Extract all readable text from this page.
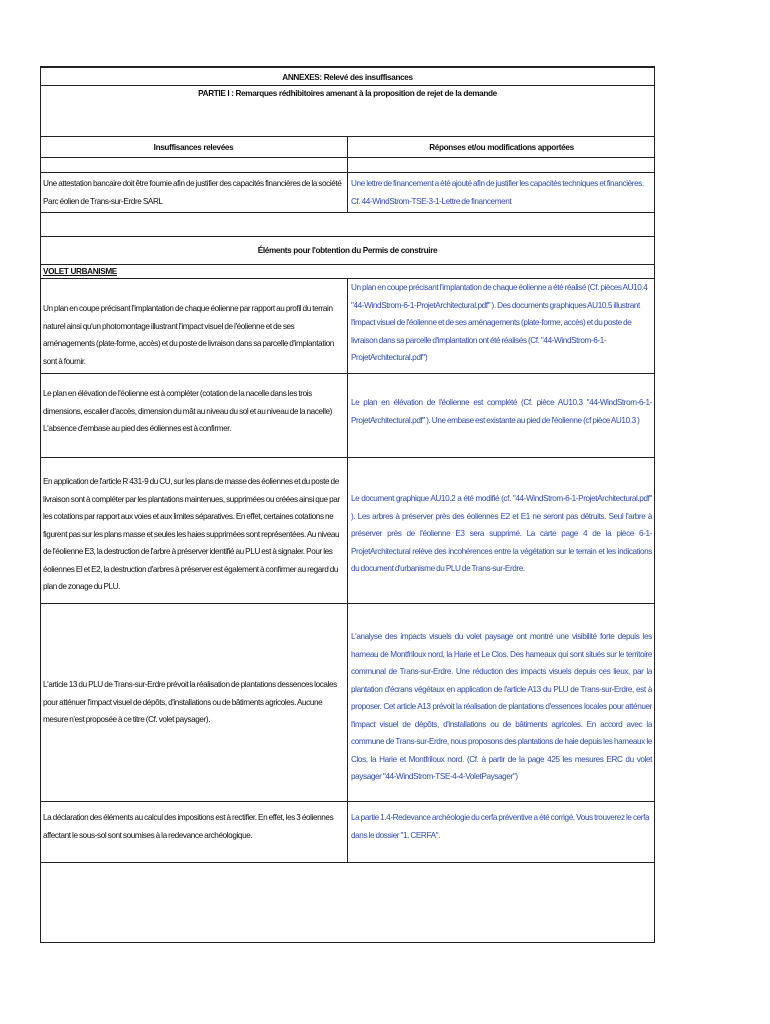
ANNEXES: Relevé des insuffisances
PARTIE I : Remarques rédhibitoires amenant à la proposition de rejet de la demande
Insuffisances relevées	Réponses et/ou modifications apportées
Une attestation bancaire doit être fournie afin de justifier des capacités financières de la société Parc éolien de Trans-sur-Erdre SARL
Une lettre de financement a été ajouté afin de justifier les capacités techniques et financières. Cf. 44-WindStrom-TSE-3-1-Lettre de financement
Éléments pour l'obtention du Permis de construire
VOLET URBANISME
Un plan en coupe précisant l'implantation de chaque éolienne par rapport au profil du terrain naturel ainsi qu'un photomontage illustrant l'impact visuel de l'éolienne et de ses aménagements (plate-forme, accès) et du poste de livraison dans sa parcelle d'implantation sont à fournir.
Un plan en coupe précisant l'implantation de chaque éolienne a été réalisé (Cf. pièces AU10.4 "44-WindStrom-6-1-ProjetArchitectural.pdf" ). Des documents graphiques AU10.5 illustrant l'impact visuel de l'éolienne et de ses aménagements (plate-forme, accès) et du poste de livraison dans sa parcelle d'implantation ont été réalisés (Cf. "44-WindStrom-6-1-ProjetArchitectural.pdf")
Le plan en élévation de l'éolienne est à compléter (cotation de la nacelle dans les trois dimensions, escalier d'accès, dimension du mât au niveau du sol et au niveau de la nacelle) L'absence d'embase au pied des éoliennes est à confirmer.
Le plan en élévation de l'éolienne est complété (Cf. pièce AU10.3 "44-WindStrom-6-1-ProjetArchitectural.pdf" ). Une embase est existante au pied de l'éolienne (cf pièce AU10.3 )
En application de l'article R 431-9 du CU, sur les plans de masse des éoliennes et du poste de livraison sont à compléter par les plantations maintenues, supprimées ou créées ainsi que par les cotations par rapport aux voies et aux limites séparatives. En effet, certaines cotations ne figurent pas sur les plans masse et seules les haies supprimées sont représentées. Au niveau de l'éolienne E3, la destruction de l'arbre à préserver identifié au PLU est à signaler. Pour les éoliennes El et E2, la destruction d'arbres à préserver est également à confirmer au regard du plan de zonage du PLU.
Le document graphique AU10.2 a été modifié (cf. "44-WindStrom-6-1-ProjetArchitectural.pdf" ). Les arbres à préserver près des éoliennes E2 et E1 ne seront pas détruits. Seul l'arbre à préserver près de l'éolienne E3 sera supprimé. La carte page 4 de la pièce 6-1-ProjetArchitectural relève des incohérences entre la végétation sur le terrain et les indications du document d'urbanisme du PLU de Trans-sur-Erdre.
L'article 13 du PLU de Trans-sur-Erdre prévoit la réalisation de plantations dessences locales pour atténuer l'impact visuel de dépôts, d'installations ou de bâtiments agricoles. Aucune mesure n'est proposée à ce titre (Cf. volet paysager).
L'analyse des impacts visuels du volet paysage ont montré une visibilité forte depuis les hameau de Montfrilouх nord, la Harie et Le Clos. Des hameaux qui sont situés sur le territoire communal de Trans-sur-Erdre. Une réduction des impacts visuels depuis ces lieux, par la plantation d'écrans végétaux en application de l'article A13 du PLU de Trans-sur-Erdre, est à proposer. Cet article A13 prévoit la réalisation de plantations d'essences locales pour atténuer l'impact visuel de dépôts, d'installations ou de bâtiments agricoles. En accord avec la commune de Trans-sur-Erdre, nous proposons des plantations de haie depuis les hameaux le Clos, la Harie et Montfrilouх nord. (Cf. à partir de la page 425 les mesures ERC du volet paysager "44-WindStrom-TSE-4-4-VoletPaysager")
La déclaration des éléments au calcul des impositions est à rectifier. En effet, les 3 éoliennes affectant le sous-sol sont soumises à la redevance archéologique.
La partie 1.4-Redevance archéologie du cerfa préventive a été corrigé. Vous trouverez le cerfa dans le dossier "1. CERFA".
